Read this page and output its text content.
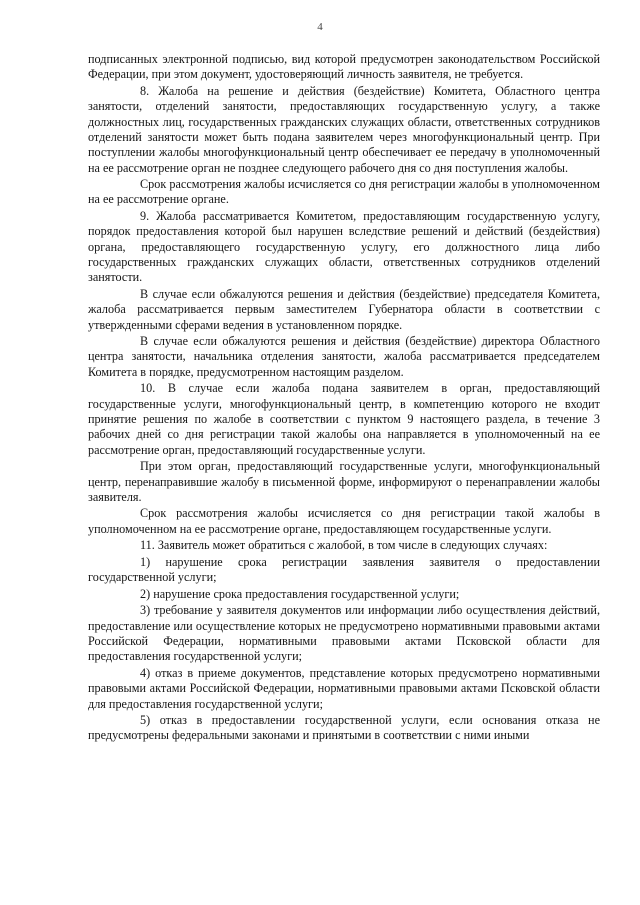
4

подписанных электронной подписью, вид которой предусмотрен законодательством Российской Федерации, при этом документ, удостоверяющий личность заявителя, не требуется.

8. Жалоба на решение и действия (бездействие) Комитета, Областного центра занятости, отделений занятости, предоставляющих государственную услугу, а также должностных лиц, государственных гражданских служащих области, ответственных сотрудников отделений занятости может быть подана заявителем через многофункциональный центр. При поступлении жалобы многофункциональный центр обеспечивает ее передачу в уполномоченный на ее рассмотрение орган не позднее следующего рабочего дня со дня поступления жалобы.

Срок рассмотрения жалобы исчисляется со дня регистрации жалобы в уполномоченном на ее рассмотрение органе.

9. Жалоба рассматривается Комитетом, предоставляющим государственную услугу, порядок предоставления которой был нарушен вследствие решений и действий (бездействия) органа, предоставляющего государственную услугу, его должностного лица либо государственных гражданских служащих области, ответственных сотрудников отделений занятости.

В случае если обжалуются решения и действия (бездействие) председателя Комитета, жалоба рассматривается первым заместителем Губернатора области в соответствии с утвержденными сферами ведения в установленном порядке.

В случае если обжалуются решения и действия (бездействие) директора Областного центра занятости, начальника отделения занятости, жалоба рассматривается председателем Комитета в порядке, предусмотренном настоящим разделом.

10. В случае если жалоба подана заявителем в орган, предоставляющий государственные услуги, многофункциональный центр, в компетенцию которого не входит принятие решения по жалобе в соответствии с пунктом 9 настоящего раздела, в течение 3 рабочих дней со дня регистрации такой жалобы она направляется в уполномоченный на ее рассмотрение орган, предоставляющий государственные услуги.

При этом орган, предоставляющий государственные услуги, многофункциональный центр, перенаправившие жалобу в письменной форме, информируют о перенаправлении жалобы заявителя.

Срок рассмотрения жалобы исчисляется со дня регистрации такой жалобы в уполномоченном на ее рассмотрение органе, предоставляющем государственные услуги.

11. Заявитель может обратиться с жалобой, в том числе в следующих случаях:

1) нарушение срока регистрации заявления заявителя о предоставлении государственной услуги;

2) нарушение срока предоставления государственной услуги;

3) требование у заявителя документов или информации либо осуществления действий, предоставление или осуществление которых не предусмотрено нормативными правовыми актами Российской Федерации, нормативными правовыми актами Псковской области для предоставления государственной услуги;

4) отказ в приеме документов, представление которых предусмотрено нормативными правовыми актами Российской Федерации, нормативными правовыми актами Псковской области для предоставления государственной услуги;

5) отказ в предоставлении государственной услуги, если основания отказа не предусмотрены федеральными законами и принятыми в соответствии с ними иными
